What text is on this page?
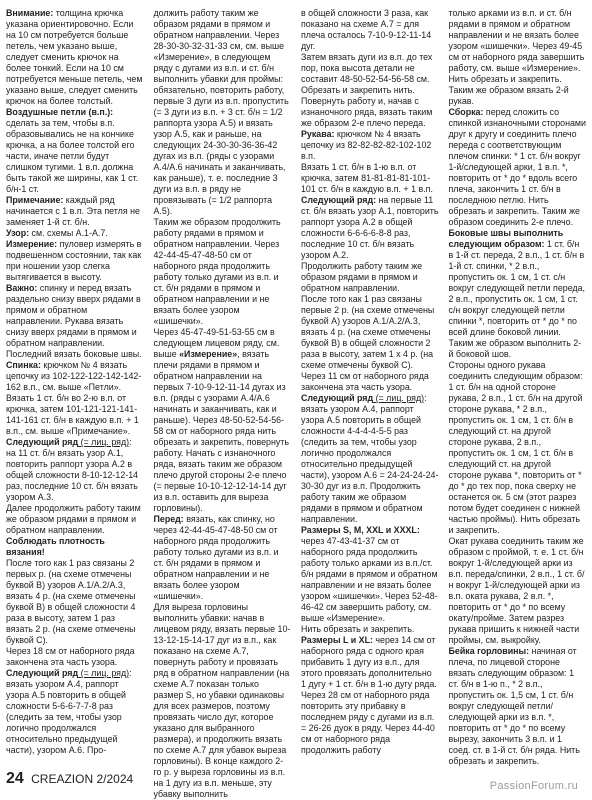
Внимание: толщина крючка указана ориентировочно. Если на 10 см потребуется больше петель, чем указано выше, следует сменить крючок на более тонкий. Если на 10 см потребуется меньше петель, чем указано выше, следует сменить крючок на более толстый.

Воздушные петли (в.п.): сделать за тем, чтобы в.п. образовывались не на кончике крючка, а на более толстой его части, иначе петли будут слишком тугими. 1 в.п. должна быть такой же ширины, как 1 ст. б/н-1 ст.

Примечание: каждый ряд начинается с 1 в.п. Эта петля не заменяет 1-й ст. б/н.

Узор: см. схемы А.1-А.7.

Измерение: пуловер измерять в подвешенном состоянии, так как при ношении узор слегка вытягивается в высоту.

Важно: спинку и перед вязать раздельно снизу вверх рядами в прямом и обратном направлении. Рукава вязать снизу вверх рядами в прямом и обратном направлении. Последний вязать боковые швы.

Спинка: крючком № 4 вязать цепочку из 102-122-122-142-142-162 в.п., см. выше «Петли». Вязать 1 ст. б/н во 2-ю в.п. от крючка, затем 101-121-121-141-141-161 ст. б/н в каждую в.п. + 1 в.п., см. выше «Примечание».

Следующий ряд (= лиц. ряд): на 11 ст. б/н вязать узор А.1, повторить раппорт узора А.2 в общей сложности 8-10-12-12-14 раз, последние 10 ст. б/н вязать узором А.3.

Далее продолжить работу таким же образом рядами в прямом и обратном направлении. Соблюдать плотность вязания!

После того как 1 раз связаны 2 первых р. (на схеме отмечены буквой В) узоров А.1/А.2/А.3, вязать 4 р. (на схеме отмечены буквой В) в общей сложности 4 раза в высоту, затем 1 раз вязать 2 р. (на схеме отмечены буквой С).

Через 18 см от наборного ряда закончена эта часть узора.

Следующий ряд (= лиц. ряд): вязать узором А.4, раппорт узора А.5 повторить в общей сложности 5-6-6-7-7-8 раз (следить за тем, чтобы узор логично продолжался относительно предыдущей части), узором А.6. Про-

должить работу таким же образом рядами в прямом и обратном направлении. Через 28-30-30-32-31-33 см, см. выше «Измерение», в следующем ряду с дугами из в.п. и ст. б/н выполнить убавки для проймы: обязательно, повторить работу, первые 3 дуги из в.п. пропустить (= 3 дуги из в.п. + 3 ст. б/н = 1/2 раппорта узора А.5) и вязать узор А.5, как и раньше, на следующих 24-30-30-36-36-42 дугах из в.п. (ряды с узорами А.4/А.6 начинать и заканчивать, как раньше), т. е. последние 3 дуги из в.п. в ряду не провязывать (= 1/2 раппорта А.5).

Таким же образом продолжить работу рядами в прямом и обратном направлении. Через 42-44-45-47-48-50 см от наборного ряда продолжить работу только дугами из в.п. и ст. б/н рядами в прямом и обратном направлении и не вязать более узором «шишечки».

Через 45-47-49-51-53-55 см в следующем лицевом ряду, см. выше «Измерение», вязать плечи рядами в прямом и обратном направлении на первых 7-10-9-12-11-14 дугах из в.п. (ряды с узорами А.4/А.6 начинать и заканчивать, как и раньше). Через 48-50-52-54-56-58 см от наборного ряда нить обрезать и закрепить, повернуть работу. Начать с изнаночного ряда, вязать таким же образом плечо другой стороны 2-е плечо (= первые 10-10-12-12-14-14 дуг из в.п. оставить для выреза горловины).

Перед: вязать, как спинку, но через 42-44-45-47-48-50 см от наборного ряда продолжить работу только дугами из в.п. и ст. б/н рядами в прямом и обратном направлении и не вязать более узором «шишечки».

Для выреза горловины выполнить убавки: начав в лицевом ряду, вязать первые 10-13-12-15-14-17 дуг из в.п., как показано на схеме А.7, повернуть работу и провязать ряд в обратном направлении (на схеме А.7 показан только размер S, но убавки одинаковы для всех размеров, поэтому провязать число дуг, которое указано для выбранного размера), и продолжить вязать по схеме А.7 для убавок выреза горловины). В конце каждого 2-го р. у выреза горловины из в.п. на 1 дугу из в.п. меньше, эту убавку выполнить

в общей сложности 3 раза, как показано на схеме А.7 = для плеча осталось 7-10-9-12-11-14 дуг.

Затем вязать дуги из в.п. до тех пор, пока высота детали не составит 48-50-52-54-56-58 см. Обрезать и закрепить нить.

Повернуть работу и, начав с изнаночного ряда, вязать таким же образом 2-е плечо переда.

Рукава: крючком № 4 вязать цепочку из 82-82-82-82-102-102 в.п.

Вязать 1 ст. б/н в 1-ю в.п. от крючка, затем 81-81-81-81-101-101 ст. б/н в каждую в.п. + 1 в.п.

Следующий ряд: на первые 11 ст. б/н вязать узор А.1, повторить раппорт узора А.2 в общей сложности 6-6-6-6-8-8 раз, последние 10 ст. б/н вязать узором А.2.

Продолжить работу таким же образом рядами в прямом и обратном направлении.

После того как 1 раз связаны первые 2 р. (на схеме отмечены буквой А) узоров А.1/А.2/А.3, вязать 4 р. (на схеме отмечены буквой В) в общей сложности 2 раза в высоту, затем 1 х 4 р. (на схеме отмечены буквой С).

Через 11 см от наборного ряда закончена эта часть узора.

Следующий ряд (= лиц. ряд): вязать узором А.4, раппорт узора А.5 повторить в общей сложности 4-4-4-4-5-5 раз (следить за тем, чтобы узор логично продолжался относительно предыдущей части), узором А.6 = 24-24-24-24-30-30 дуг из в.п. Продолжить работу таким же образом рядами в прямом и обратном направлении.

Размеры S, M, XXL и XXXL: через 47-43-41-37 см от наборного ряда продолжить работу только арками из в.п./ст. б/н рядами в прямом и обратном направлении и не вязать более узором «шишечки». Через 52-48-46-42 см завершить работу, см. выше «Измерение».

Нить обрезать и закрепить.

Размеры L и XL: через 14 см от наборного ряда с одного края прибавить 1 дугу из в.п., для этого провязать дополнительно 1 дугу + 1 ст. б/н в 1-ю дугу ряда.

Через 28 см от наборного ряда повторить эту прибавку в последнем ряду с дугами из в.п. = 26-26 дуок в ряду. Через 44-40 см от наборного ряда продолжить работу

только арками из в.п. и ст. б/н рядами в прямом и обратном направлении и не вязать более узором «шишечки». Через 49-45 см от наборного ряда завершить работу, см. выше «Измерение». Нить обрезать и закрепить. Таким же образом вязать 2-й рукав.

Сборка: перед сложить со спинкой изнаночными сторонами друг к другу и соединить плечо переда с соответствующим плечом спинки: * 1 ст. б/н вокруг 1-й/следующей арки, 1 в.п. *, повторить от * до * вдоль всего плеча, закончить 1 ст. б/н в последнюю петлю. Нить обрезать и закрепить. Таким же образом соединить 2-е плечо.

Боковые швы выполнить следующим образом: 1 ст. б/н в 1-й ст. переда, 2 в.п., 1 ст. б/н в 1-й ст. спинки, * 2 в.п., пропустить ок. 1 см, 1 ст. с/н вокруг следующей петли переда, 2 в.п., пропустить ок. 1 см, 1 ст. с/н вокруг следующей петли спинки *, повторить от * до * по всей длине боковой линии. Таким же образом выполнить 2-й боковой шов.

Стороны одного рукава соединить следующим образом: 1 ст. б/н на одной стороне рукава, 2 в.п., 1 ст. б/н на другой стороне рукава, * 2 в.п., пропустить ок. 1 см, 1 ст. б/н в следующий ст. на другой стороне рукава, 2 в.п., пропустить ок. 1 см, 1 ст. б/н в следующий ст. на другой стороне рукава *, повторить от * до * до тех пор, пока сверху не останется ок. 5 см (этот разрез потом будет соединен с нижней частью проймы). Нить обрезать и закрепить.

Окат рукава соединить таким же образом с проймой, т. е. 1 ст. б/н вокруг 1-й/следующей арки из в.п. переда/спинки, 2 в.п., 1 ст. б/н вокруг 1-й/следующей арки из в.п. оката рукава, 2 в.п. *, повторить от * до * по всему окату/пройме. Затем разрез рукава пришить к нижней части проймы, см. выкройку.

Бейка горловины: начиная от плеча, по лицевой стороне вязать следующим образом: 1 ст. б/н в 1-ю п., * 2 в.п., пропустить ок. 1,5 см, 1 ст. б/н вокруг следующей петли/следующей арки из в.п. *, повторить от * до * по всему вырезу, закончить 3 в.п. и 1 соед. ст. в 1-й ст. б/н ряда. Нить обрезать и закрепить.

24 CREAZION 2/2024	PassionForum.ru
